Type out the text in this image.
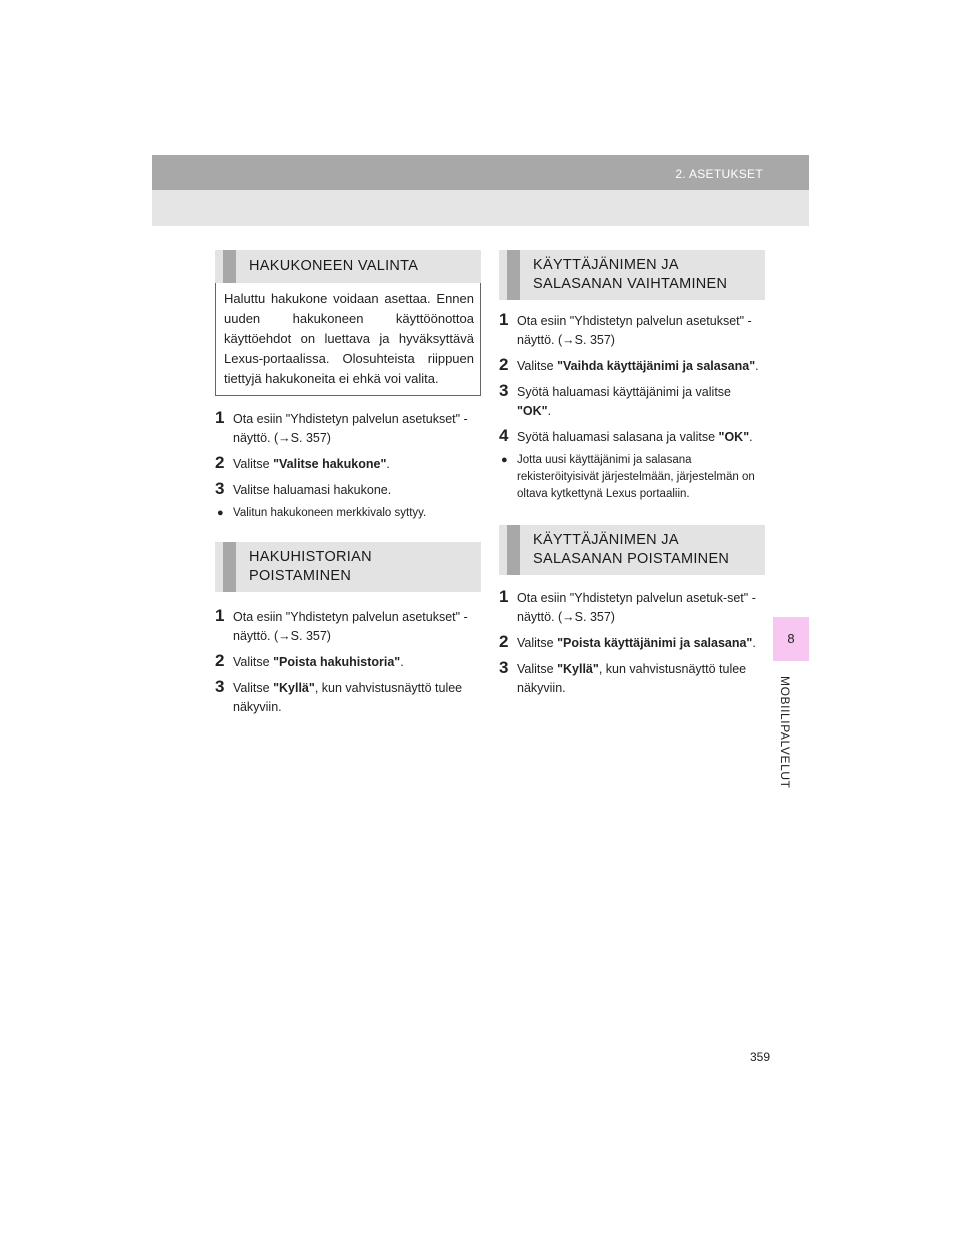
2. ASETUKSET
8
MOBIILIPALVELUT
HAKUKONEEN VALINTA
Haluttu hakukone voidaan asettaa. Ennen uuden hakukoneen käyttöönottoa käyttöehdot on luettava ja hyväksyttävä Lexus-portaalissa. Olosuhteista riippuen tiettyjä hakukoneita ei ehkä voi valita.
1 Ota esiin "Yhdistetyn palvelun asetukset" -näyttö. (→S. 357)
2 Valitse "Valitse hakukone".
3 Valitse haluamasi hakukone.
● Valitun hakukoneen merkkivalo syttyy.
HAKUHISTORIAN
POISTAMINEN
1 Ota esiin "Yhdistetyn palvelun asetukset" -näyttö. (→S. 357)
2 Valitse "Poista hakuhistoria".
3 Valitse "Kyllä", kun vahvistusnäyttö tulee näkyviin.
KÄYTTÄJÄNIMEN JA
SALASANAN VAIHTAMINEN
1 Ota esiin "Yhdistetyn palvelun asetukset" -näyttö. (→S. 357)
2 Valitse "Vaihda käyttäjänimi ja salasana".
3 Syötä haluamasi käyttäjänimi ja valitse "OK".
4 Syötä haluamasi salasana ja valitse "OK".
● Jotta uusi käyttäjänimi ja salasana rekisteröityisivät järjestelmään, järjestelmän on oltava kytkettynä Lexus portaaliin.
KÄYTTÄJÄNIMEN JA
SALASANAN POISTAMINEN
1 Ota esiin "Yhdistetyn palvelun asetuk-set" -näyttö. (→S. 357)
2 Valitse "Poista käyttäjänimi ja salasana".
3 Valitse "Kyllä", kun vahvistusnäyttö tulee näkyviin.
359
